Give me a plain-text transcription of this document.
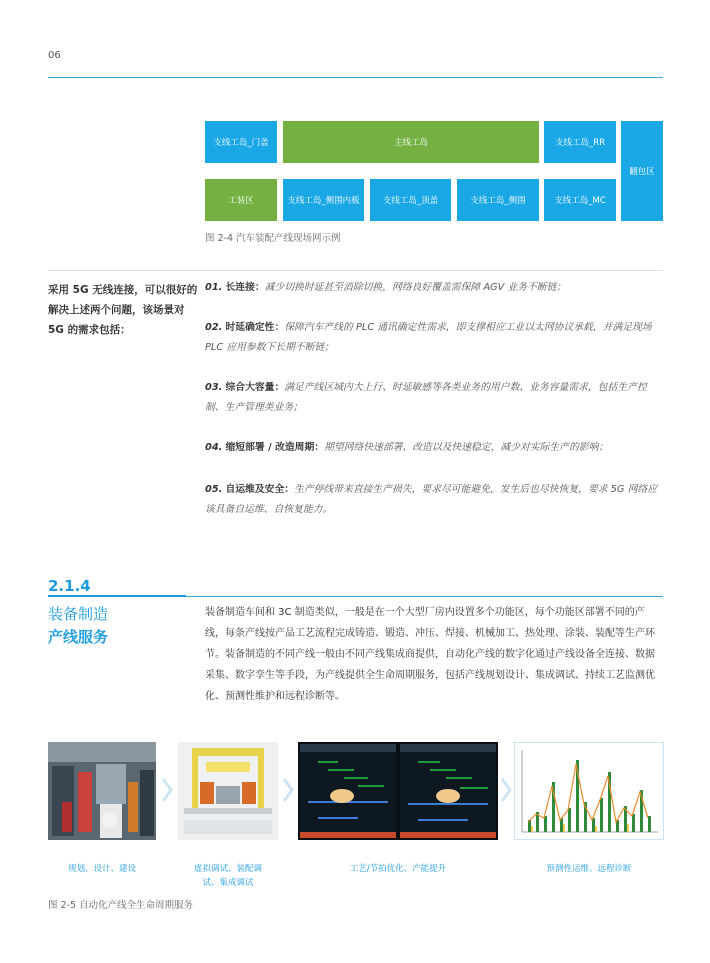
06
支线工岛_门盖	主线工岛	支线工岛_RR
翻包区
工装区	支线工岛_侧围内板	支线工岛_顶盖	支线工岛_侧围	支线工岛_MC
图 2-4 汽车装配产线现场网示例
采用 5G 无线连接，可以很好的解决上述两个问题，该场景对 5G 的需求包括：
01. 长连接：减少切换时延甚至消除切换，网络良好覆盖需保障 AGV 业务不断链；
02. 时延确定性：保障汽车产线的 PLC 通讯确定性需求，即支撑相应工业以太网协议承载，并满足现场 PLC 应用参数下长期不断链；
03. 综合大容量：满足产线区域内大上行、时延敏感等各类业务的用户数、业务容量需求，包括生产控制、生产管理类业务；
04. 缩短部署 / 改造周期：期望网络快速部署、改造以及快速稳定，减少对实际生产的影响；
05. 自运维及安全：生产停线带来直接生产损失，要求尽可能避免，发生后也尽快恢复，要求 5G 网络应该具备自运维、自恢复能力。
2.1.4
装备制造
产线服务
装备制造车间和 3C 制造类似，一般是在一个大型厂房内设置多个功能区，每个功能区部署不同的产线，每条产线按产品工艺流程完成铸造、锻造、冲压、焊接、机械加工、热处理、涂装、装配等生产环节。装备制造的不同产线一般由不同产线集成商提供，自动化产线的数字化通过产线设备全连接、数据采集、数字孪生等手段，为产线提供全生命周期服务，包括产线规划设计、集成调试、持续工艺监测优化、预测性维护和远程诊断等。
规划、设计、建设	虚拟调试、装配调试、集成调试
工艺/节拍优化、产能提升	预测性运维、远程诊断
图 2-5 自动化产线全生命周期服务
